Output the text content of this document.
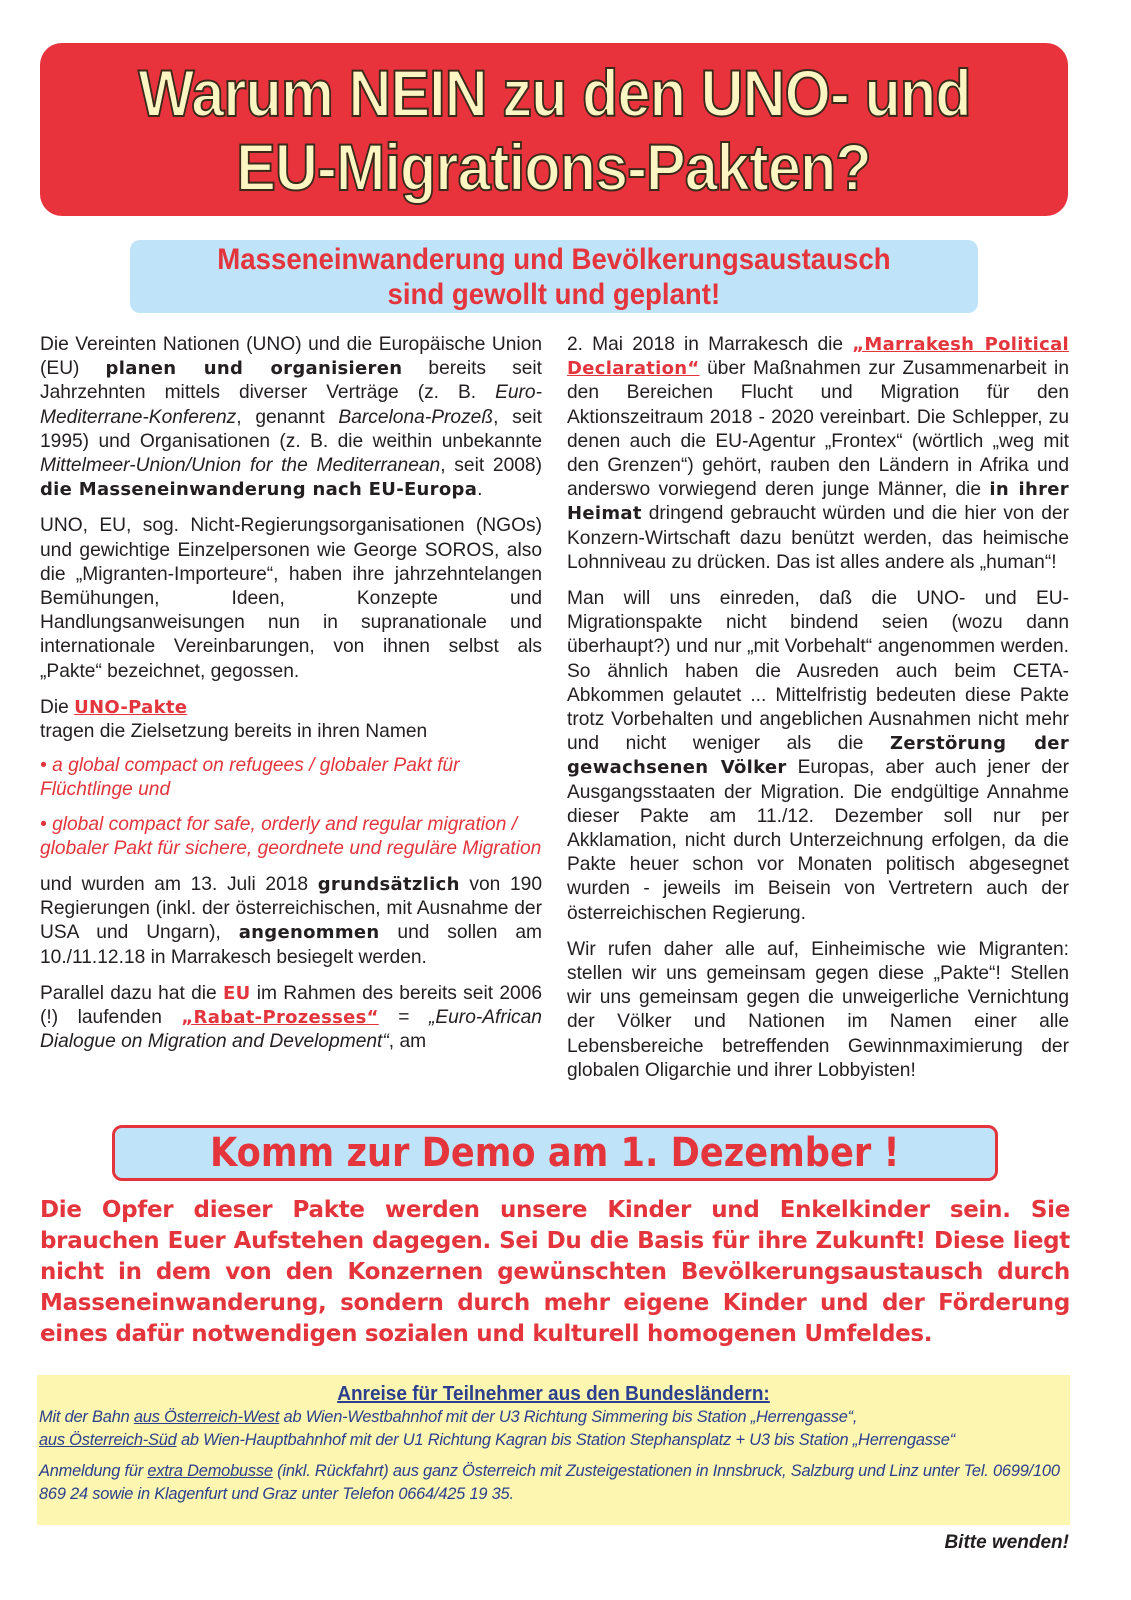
Warum NEIN zu den UNO- und
EU-Migrations-Pakten?
Masseneinwanderung und Bevölkerungsaustausch
sind gewollt und geplant!

Die Vereinten Nationen (UNO) und die Europäische Union (EU) planen und organisieren bereits seit Jahrzehnten mittels diverser Verträge (z. B. Euro-Mediterrane-Konferenz, genannt Barcelona-Prozeß, seit 1995) und Organisationen (z. B. die weithin unbekannte Mittelmeer-Union/Union for the Mediterranean, seit 2008) die Masseneinwanderung nach EU-Europa.

UNO, EU, sog. Nicht-Regierungsorganisationen (NGOs) und gewichtige Einzelpersonen wie George SOROS, also die „Migranten-Importeure“, haben ihre jahrzehntelangen Bemühungen, Ideen, Konzepte und Handlungsanweisungen nun in supranationale und internationale Vereinbarungen, von ihnen selbst als „Pakte“ bezeichnet, gegossen.

Die UNO-Pakte
tragen die Zielsetzung bereits in ihren Namen

• a global compact on refugees / globaler Pakt für Flüchtlinge und
• global compact for safe, orderly and regular migration / globaler Pakt für sichere, geordnete und reguläre Migration

und wurden am 13. Juli 2018 grundsätzlich von 190 Regierungen (inkl. der österreichischen, mit Ausnahme der USA und Ungarn), angenommen und sollen am 10./11.12.18 in Marrakesch besiegelt werden.

Parallel dazu hat die EU im Rahmen des bereits seit 2006 (!) laufenden „Rabat-Prozesses“ = „Euro-African Dialogue on Migration and Development“, am

2. Mai 2018 in Marrakesch die „Marrakesh Political Declaration“ über Maßnahmen zur Zusammenarbeit in den Bereichen Flucht und Migration für den Aktionszeitraum 2018 - 2020 vereinbart. Die Schlepper, zu denen auch die EU-Agentur „Frontex“ (wörtlich „weg mit den Grenzen“) gehört, rauben den Ländern in Afrika und anderswo vorwiegend deren junge Männer, die in ihrer Heimat dringend gebraucht würden und die hier von der Konzern-Wirtschaft dazu benützt werden, das heimische Lohnniveau zu drücken. Das ist alles andere als „human“!

Man will uns einreden, daß die UNO- und EU-Migrationspakte nicht bindend seien (wozu dann überhaupt?) und nur „mit Vorbehalt“ angenommen werden. So ähnlich haben die Ausreden auch beim CETA-Abkommen gelautet ... Mittelfristig bedeuten diese Pakte trotz Vorbehalten und angeblichen Ausnahmen nicht mehr und nicht weniger als die Zerstörung der gewachsenen Völker Europas, aber auch jener der Ausgangsstaaten der Migration. Die endgültige Annahme dieser Pakte am 11./12. Dezember soll nur per Akklamation, nicht durch Unterzeichnung erfolgen, da die Pakte heuer schon vor Monaten politisch abgesegnet wurden - jeweils im Beisein von Vertretern auch der österreichischen Regierung.

Wir rufen daher alle auf, Einheimische wie Migranten: stellen wir uns gemeinsam gegen diese „Pakte“! Stellen wir uns gemeinsam gegen die unweigerliche Vernichtung der Völker und Nationen im Namen einer alle Lebensbereiche betreffenden Gewinnmaximierung der globalen Oligarchie und ihrer Lobbyisten!

Komm zur Demo am 1. Dezember !
Die Opfer dieser Pakte werden unsere Kinder und Enkelkinder sein. Sie brauchen Euer Aufstehen dagegen. Sei Du die Basis für ihre Zukunft! Diese liegt nicht in dem von den Konzernen gewünschten Bevölkerungsaustausch durch Masseneinwanderung, sondern durch mehr eigene Kinder und der Förderung eines dafür notwendigen sozialen und kulturell homogenen Umfeldes.
Anreise für Teilnehmer aus den Bundesländern:

Mit der Bahn aus Österreich-West ab Wien-Westbahnhof mit der U3 Richtung Simmering bis Station „Herrengasse“,
aus Österreich-Süd ab Wien-Hauptbahnhof mit der U1 Richtung Kagran bis Station Stephansplatz + U3 bis Station „Herrengasse“

Anmeldung für extra Demobusse (inkl. Rückfahrt) aus ganz Österreich mit Zusteigestationen in Innsbruck, Salzburg und Linz unter Tel. 0699/100 869 24 sowie in Klagenfurt und Graz unter Telefon 0664/425 19 35.

Bitte wenden!
